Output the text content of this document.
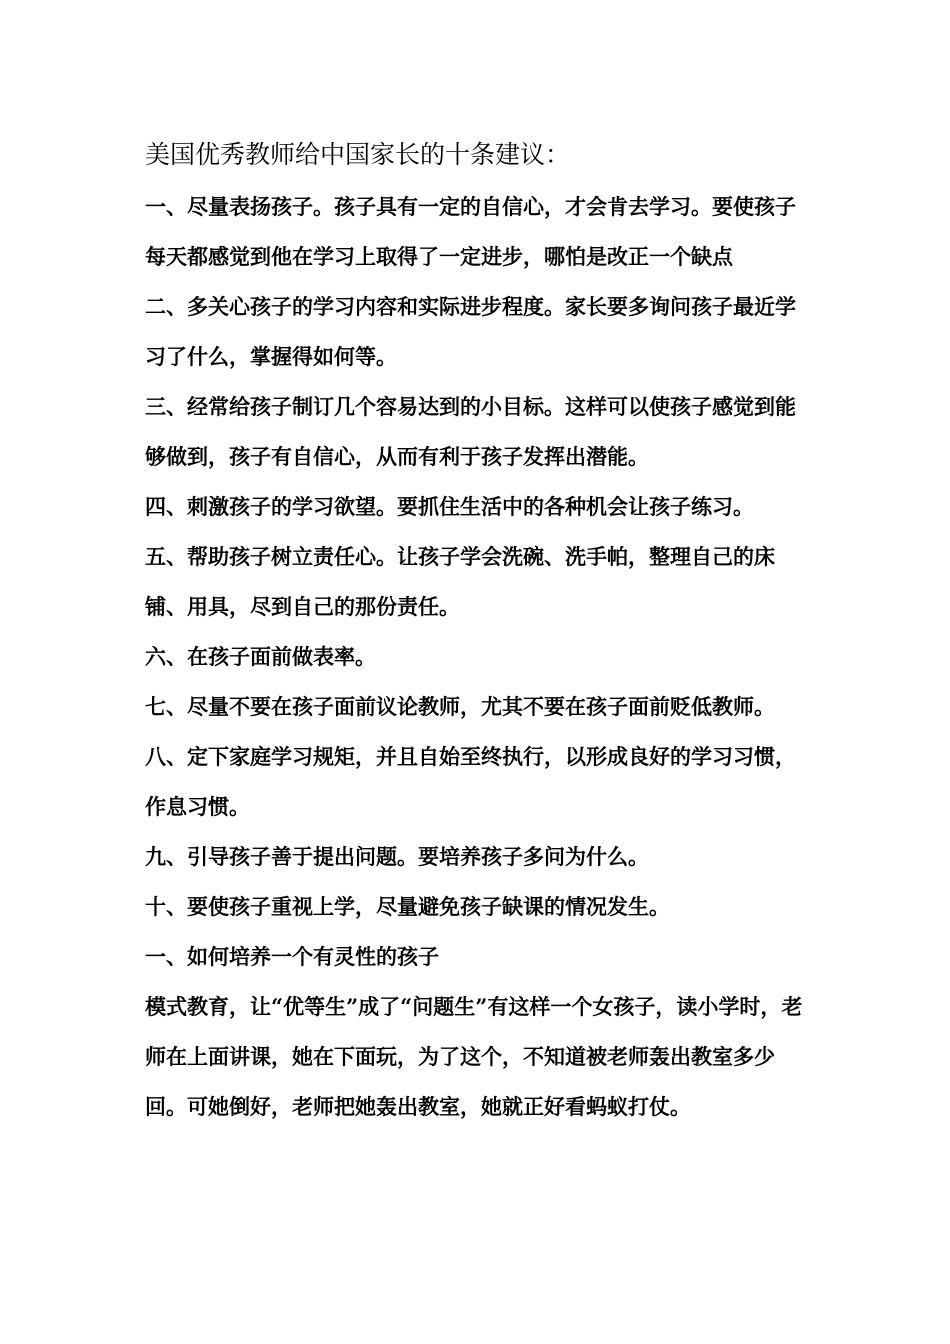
美国优秀教师给中国家长的十条建议：

一、尽量表扬孩子。孩子具有一定的自信心，才会肯去学习。要使孩子每天都感觉到他在学习上取得了一定进步，哪怕是改正一个缺点

二、多关心孩子的学习内容和实际进步程度。家长要多询问孩子最近学习了什么，掌握得如何等。

三、经常给孩子制订几个容易达到的小目标。这样可以使孩子感觉到能够做到，孩子有自信心，从而有利于孩子发挥出潜能。

四、刺激孩子的学习欲望。要抓住生活中的各种机会让孩子练习。

五、帮助孩子树立责任心。让孩子学会洗碗、洗手帕，整理自己的床铺、用具，尽到自己的那份责任。

六、在孩子面前做表率。

七、尽量不要在孩子面前议论教师，尤其不要在孩子面前贬低教师。

八、定下家庭学习规矩，并且自始至终执行，以形成良好的学习习惯，作息习惯。

九、引导孩子善于提出问题。要培养孩子多问为什么。

十、要使孩子重视上学，尽量避免孩子缺课的情况发生。

一、如何培养一个有灵性的孩子

模式教育，让“优等生”成了“问题生”有这样一个女孩子，读小学时，老师在上面讲课，她在下面玩，为了这个，不知道被老师轰出教室多少回。可她倒好，老师把她轰出教室，她就正好看蚂蚁打仗。
